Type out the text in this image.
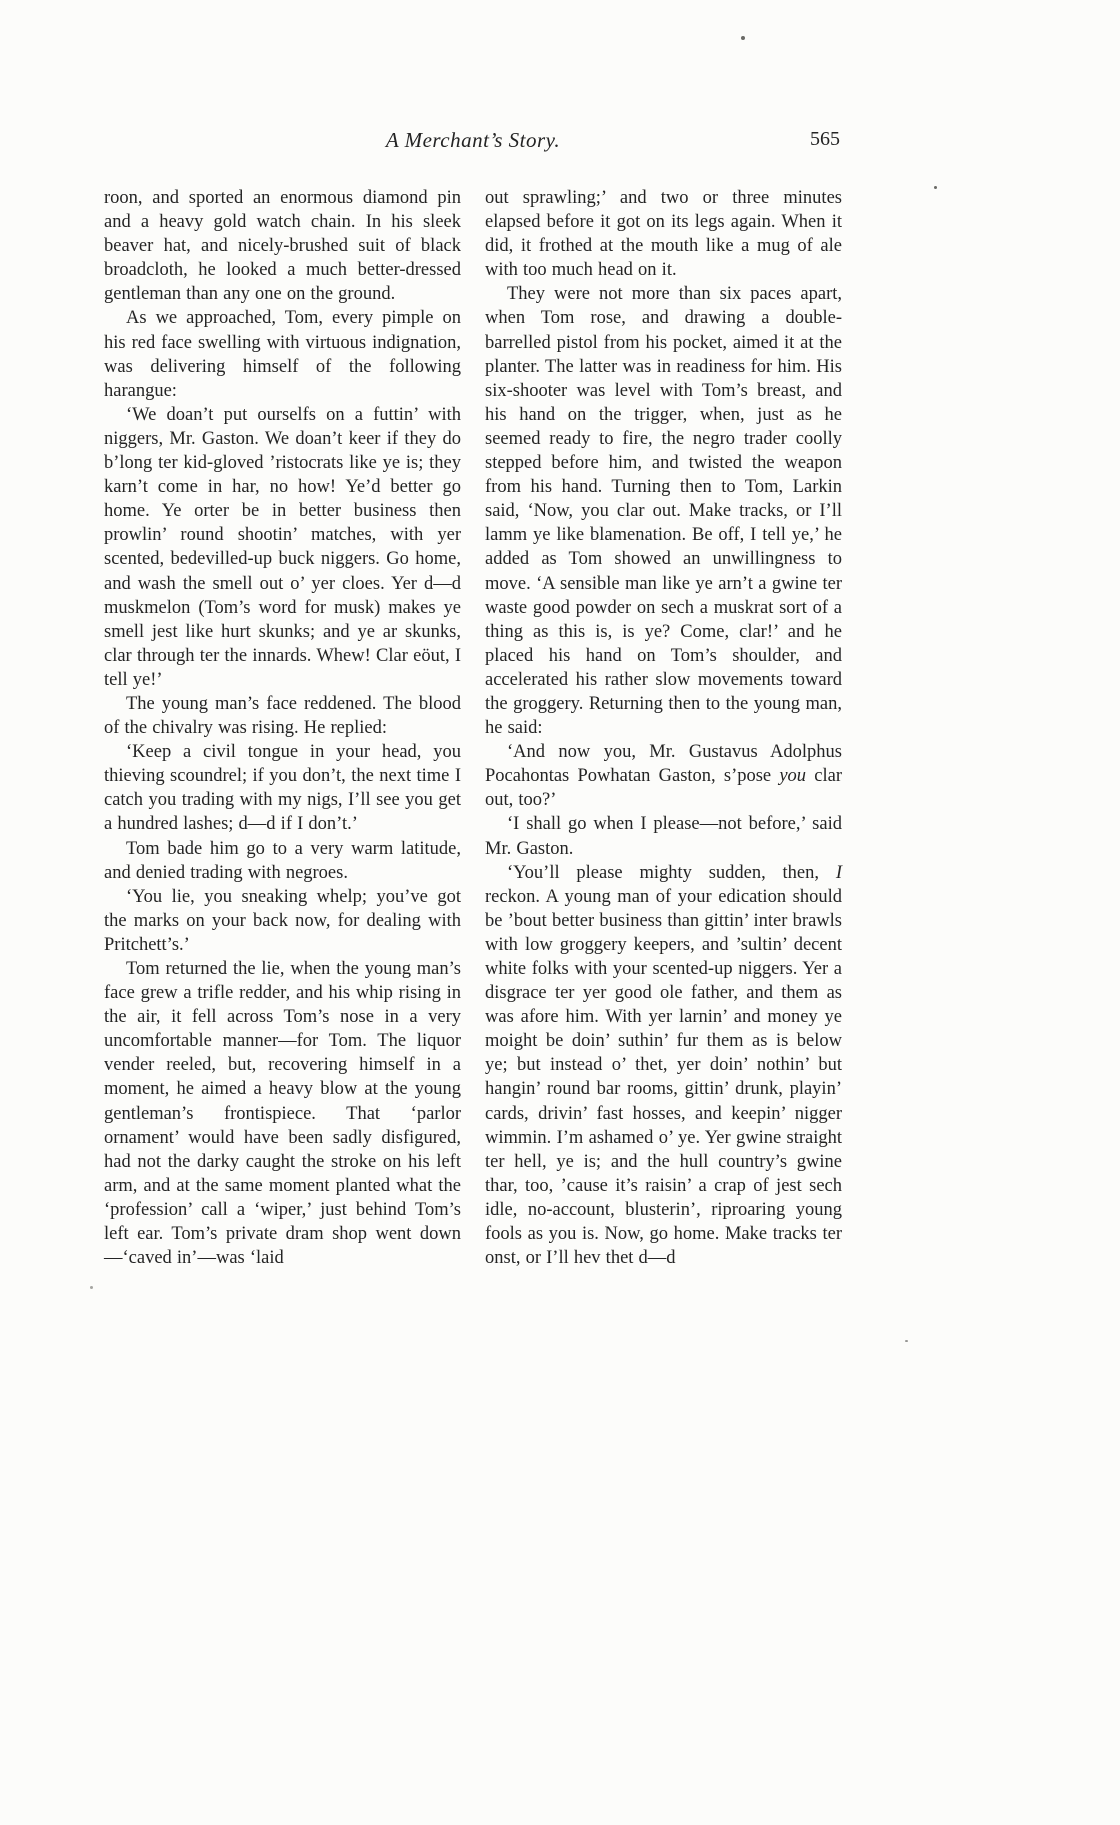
A Merchant’s Story.	565

roon, and sported an enormous diamond pin and a heavy gold watch chain. In his sleek beaver hat, and nicely-brushed suit of black broadcloth, he looked a much better-dressed gentleman than any one on the ground.

As we approached, Tom, every pimple on his red face swelling with virtuous indignation, was delivering himself of the following harangue:

‘We doan’t put ourselfs on a futtin’ with niggers, Mr. Gaston. We doan’t keer if they do b’long ter kid-gloved ’ristocrats like ye is; they karn’t come in har, no how! Ye’d better go home. Ye orter be in better business then prowlin’ round shootin’ matches, with yer scented, bedevilled-up buck niggers. Go home, and wash the smell out o’ yer cloes. Yer d—d muskmelon (Tom’s word for musk) makes ye smell jest like hurt skunks; and ye ar skunks, clar through ter the innards. Whew! Clar eöut, I tell ye!’

The young man’s face reddened. The blood of the chivalry was rising. He replied:

‘Keep a civil tongue in your head, you thieving scoundrel; if you don’t, the next time I catch you trading with my nigs, I’ll see you get a hundred lashes; d—d if I don’t.’

Tom bade him go to a very warm latitude, and denied trading with negroes.

‘You lie, you sneaking whelp; you’ve got the marks on your back now, for dealing with Pritchett’s.’

Tom returned the lie, when the young man’s face grew a trifle redder, and his whip rising in the air, it fell across Tom’s nose in a very uncomfortable manner—for Tom. The liquor vender reeled, but, recovering himself in a moment, he aimed a heavy blow at the young gentleman’s frontispiece. That ‘parlor ornament’ would have been sadly disfigured, had not the darky caught the stroke on his left arm, and at the same moment planted what the ‘profession’ call a ‘wiper,’ just behind Tom’s left ear. Tom’s private dram shop went down—‘caved in’—was ‘laid

out sprawling;’ and two or three minutes elapsed before it got on its legs again. When it did, it frothed at the mouth like a mug of ale with too much head on it.

They were not more than six paces apart, when Tom rose, and drawing a double-barrelled pistol from his pocket, aimed it at the planter. The latter was in readiness for him. His six-shooter was level with Tom’s breast, and his hand on the trigger, when, just as he seemed ready to fire, the negro trader coolly stepped before him, and twisted the weapon from his hand. Turning then to Tom, Larkin said, ‘Now, you clar out. Make tracks, or I’ll lamm ye like blamenation. Be off, I tell ye,’ he added as Tom showed an unwillingness to move. ‘A sensible man like ye arn’t a gwine ter waste good powder on sech a muskrat sort of a thing as this is, is ye? Come, clar!’ and he placed his hand on Tom’s shoulder, and accelerated his rather slow movements toward the groggery. Returning then to the young man, he said:

‘And now you, Mr. Gustavus Adolphus Pocahontas Powhatan Gaston, s’pose you clar out, too?’

‘I shall go when I please—not before,’ said Mr. Gaston.

‘You’ll please mighty sudden, then, I reckon. A young man of your edication should be ’bout better business than gittin’ inter brawls with low groggery keepers, and ’sultin’ decent white folks with your scented-up niggers. Yer a disgrace ter yer good ole father, and them as was afore him. With yer larnin’ and money ye moight be doin’ suthin’ fur them as is below ye; but instead o’ thet, yer doin’ nothin’ but hangin’ round bar rooms, gittin’ drunk, playin’ cards, drivin’ fast hosses, and keepin’ nigger wimmin. I’m ashamed o’ ye. Yer gwine straight ter hell, ye is; and the hull country’s gwine thar, too, ’cause it’s raisin’ a crap of jest sech idle, no-account, blusterin’, riproaring young fools as you is. Now, go home. Make tracks ter onst, or I’ll hev thet d—d
